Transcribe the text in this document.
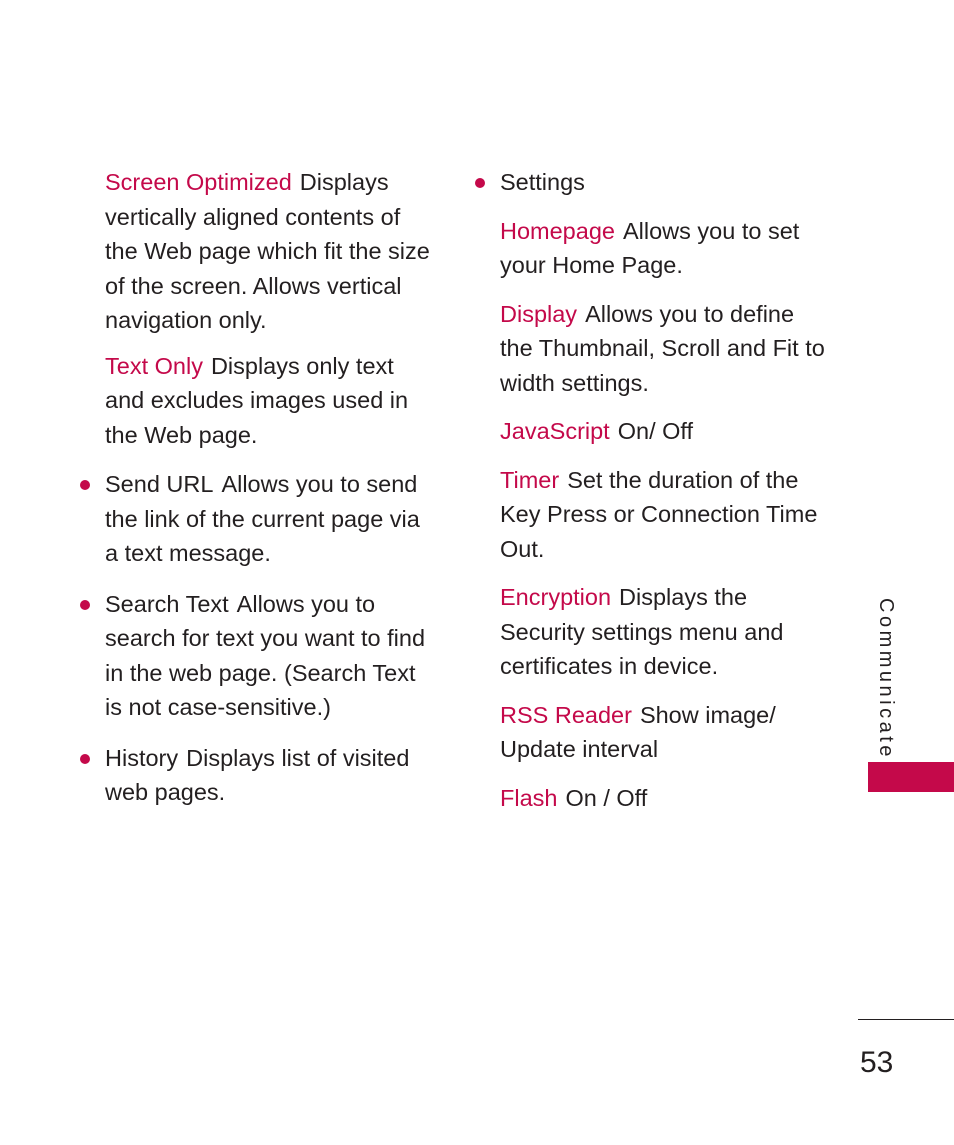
Screen Optimized Displays vertically aligned contents of the Web page which fit the size of the screen. Allows vertical navigation only.
Text Only Displays only text and excludes images used in the Web page.
Send URL Allows you to send the link of the current page via a text message.
Search Text Allows you to search for text you want to find in the web page. (Search Text is not case-sensitive.)
History Displays list of visited web pages.
Settings
Homepage Allows you to set your Home Page.
Display Allows you to define the Thumbnail, Scroll and Fit to width settings.
JavaScript On/ Off
Timer Set the duration of the Key Press or Connection Time Out.
Encryption Displays the Security settings menu and certificates in device.
RSS Reader Show image/ Update interval
Flash On / Off
Communicate
53
